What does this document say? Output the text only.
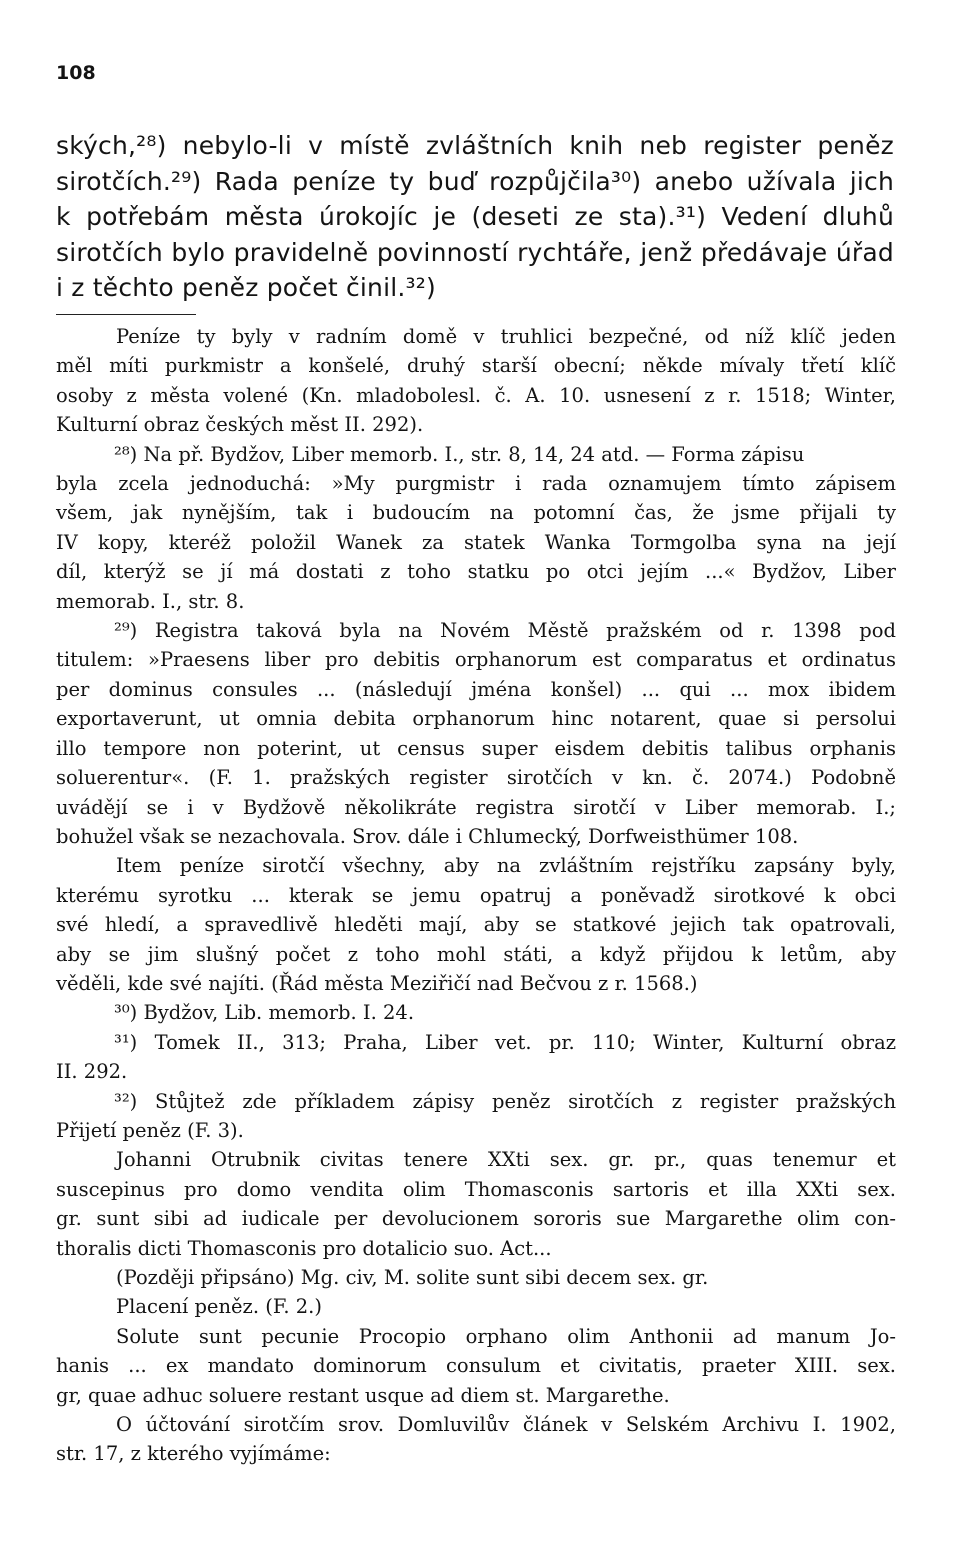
108
ských,²⁸) nebylo-li v místě zvláštních knih neb register peněz
sirotčích.²⁹) Rada peníze ty buď rozpůjčila³⁰) anebo užívala jich
k potřebám města úrokojíc je (deseti ze sta).³¹) Vedení dluhů
sirotčích bylo pravidelně povinností rychtáře, jenž předávaje úřad
i z těchto peněz počet činil.³²)
Peníze ty byly v radním domě v truhlici bezpečné, od níž klíč jeden
měl míti purkmistr a konšelé, druhý starší obecní; někde mívaly třetí klíč
osoby z města volené (Kn. mladobolesl. č. A. 10. usnesení z r. 1518; Winter,
Kulturní obraz českých měst II. 292).
²⁸) Na př. Bydžov, Liber memorb. I., str. 8, 14, 24 atd. — Forma zápisu
byla zcela jednoduchá: »My purgmistr i rada oznamujem tímto zápisem
všem, jak nynějším, tak i budoucím na potomní čas, že jsme přijali ty
IV kopy, kteréž položil Wanek za statek Wanka Tormgolba syna na její
díl, kterýž se jí má dostati z toho statku po otci jejím ...« Bydžov, Liber
memorab. I., str. 8.
²⁹) Registra taková byla na Novém Městě pražském od r. 1398 pod
titulem: »Praesens liber pro debitis orphanorum est comparatus et ordinatus
per dominus consules ... (následují jména konšel) ... qui ... mox ibidem
exportaverunt, ut omnia debita orphanorum hinc notarent, quae si persolui
illo tempore non poterint, ut census super eisdem debitis talibus orphanis
soluerentur«. (F. 1. pražských register sirotčích v kn. č. 2074.) Podobně
uvádějí se i v Bydžově několikráte registra sirotčí v Liber memorab. I.;
bohužel však se nezachovala. Srov. dále i Chlumecký, Dorfweisthümer 108.
Item peníze sirotčí všechny, aby na zvláštním rejstříku zapsány byly,
kterému syrotku ... kterak se jemu opatruj a poněvadž sirotkové k obci
své hledí, a spravedlivě hleděti mají, aby se statkové jejich tak opatrovali,
aby se jim slušný počet z toho mohl státi, a když přijdou k letům, aby
věděli, kde své najíti. (Řád města Meziřičí nad Bečvou z r. 1568.)
³⁰) Bydžov, Lib. memorb. I. 24.
³¹) Tomek II., 313; Praha, Liber vet. pr. 110; Winter, Kulturní obraz
II. 292.
³²) Stůjtež zde příkladem zápisy peněz sirotčích z register pražských
Přijetí peněz (F. 3).
Johanni Otrubnik civitas tenere XXti sex. gr. pr., quas tenemur et
suscepinus pro domo vendita olim Thomasconis sartoris et illa XXti sex.
gr. sunt sibi ad iudicale per devolucionem sororis sue Margarethe olim con-
thoralis dicti Thomasconis pro dotalicio suo. Act...
(Později připsáno) Mg. civ, M. solite sunt sibi decem sex. gr.
Placení peněz. (F. 2.)
Solute sunt pecunie Procopio orphano olim Anthonii ad manum Jo-
hanis ... ex mandato dominorum consulum et civitatis, praeter XIII. sex.
gr, quae adhuc soluere restant usque ad diem st. Margarethe.
O účtování sirotčím srov. Domluvilův článek v Selském Archivu I. 1902,
str. 17, z kterého vyjímáme:
